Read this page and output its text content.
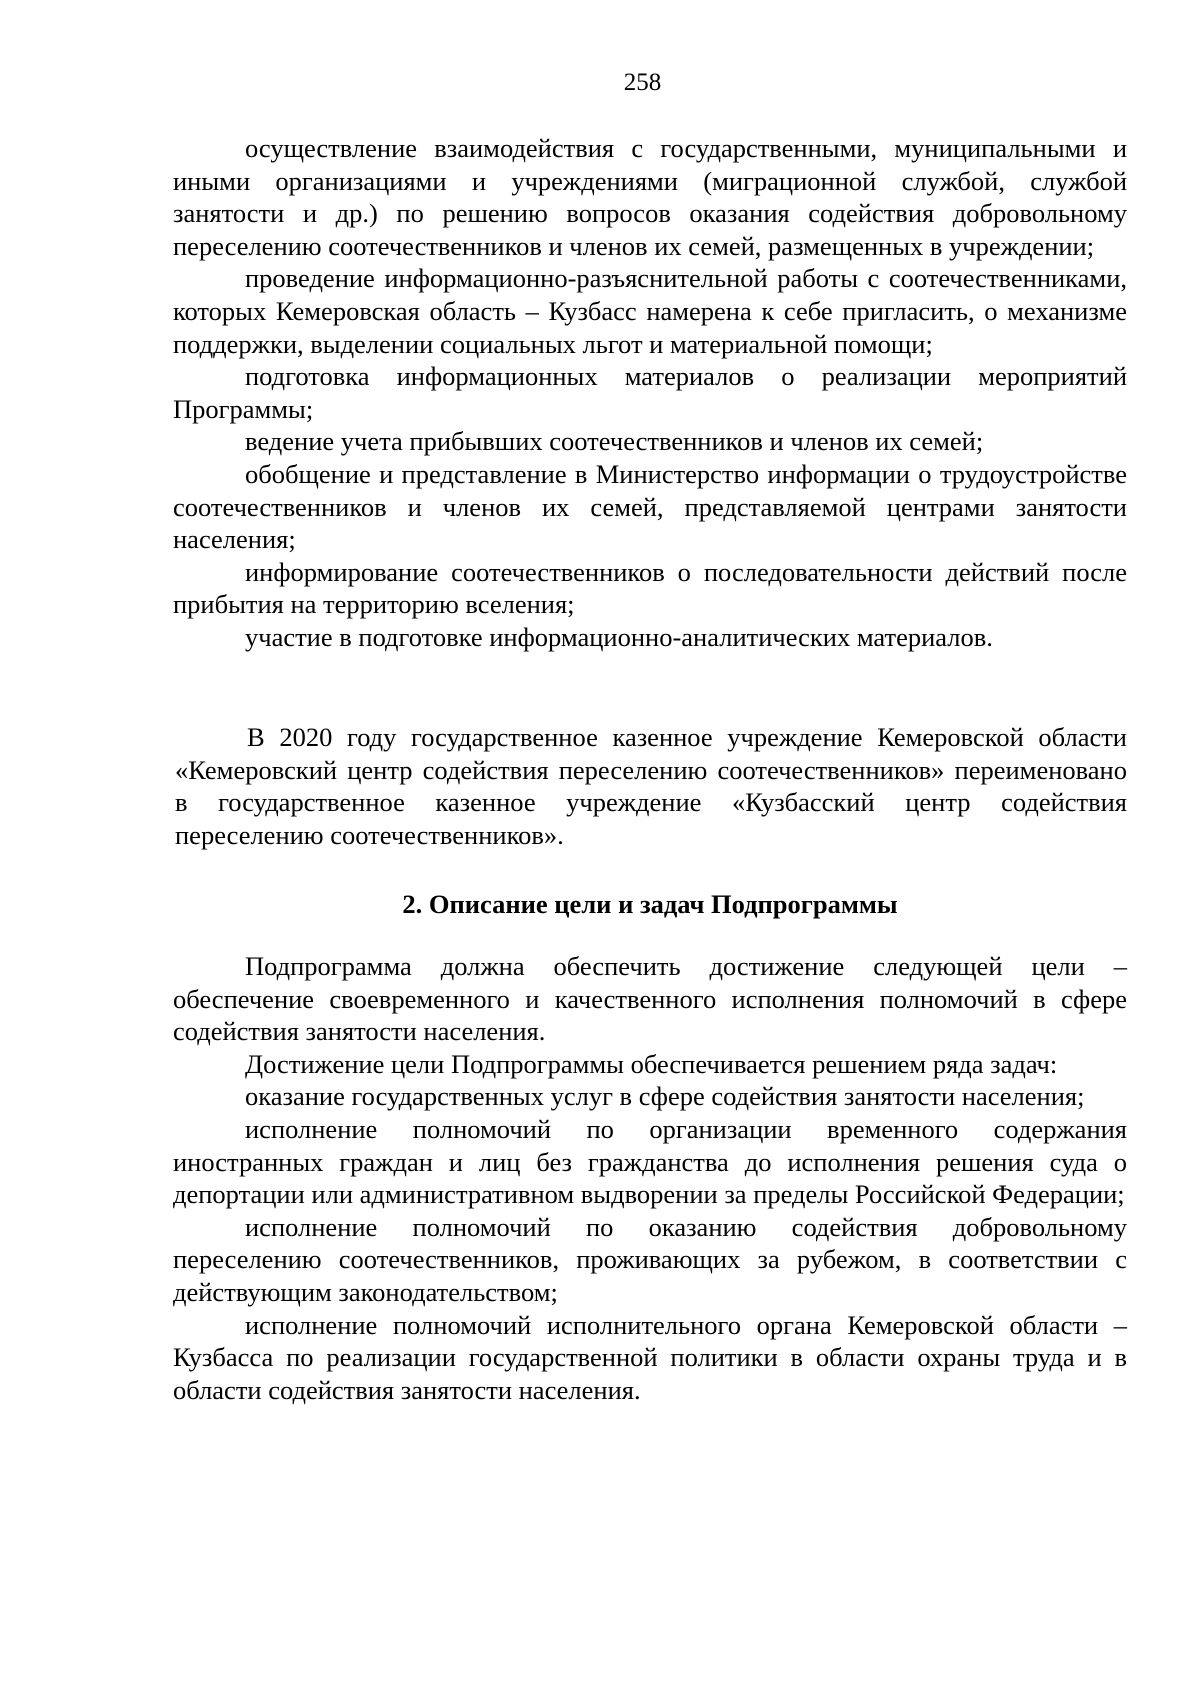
258

осуществление взаимодействия с государственными, муниципальными и иными организациями и учреждениями (миграционной службой, службой занятости и др.) по решению вопросов оказания содействия добровольному переселению соотечественников и членов их семей, размещенных в учреждении;

проведение информационно-разъяснительной работы с соотечественниками, которых Кемеровская область – Кузбасс намерена к себе пригласить, о механизме поддержки, выделении социальных льгот и материальной помощи;

подготовка информационных материалов о реализации мероприятий Программы;

ведение учета прибывших соотечественников и членов их семей;

обобщение и представление в Министерство информации о трудоустройстве соотечественников и членов их семей, представляемой центрами занятости населения;

информирование соотечественников о последовательности действий после прибытия на территорию вселения;

участие в подготовке информационно-аналитических материалов.

В 2020 году государственное казенное учреждение Кемеровской области «Кемеровский центр содействия переселению соотечественников» переименовано в государственное казенное учреждение «Кузбасский центр содействия переселению соотечественников».

2. Описание цели и задач Подпрограммы

Подпрограмма должна обеспечить достижение следующей цели – обеспечение своевременного и качественного исполнения полномочий в сфере содействия занятости населения.

Достижение цели Подпрограммы обеспечивается решением ряда задач:

оказание государственных услуг в сфере содействия занятости населения;

исполнение полномочий по организации временного содержания иностранных граждан и лиц без гражданства до исполнения решения суда о депортации или административном выдворении за пределы Российской Федерации;

исполнение полномочий по оказанию содействия добровольному переселению соотечественников, проживающих за рубежом, в соответствии с действующим законодательством;

исполнение полномочий исполнительного органа Кемеровской области – Кузбасса по реализации государственной политики в области охраны труда и в области содействия занятости населения.
